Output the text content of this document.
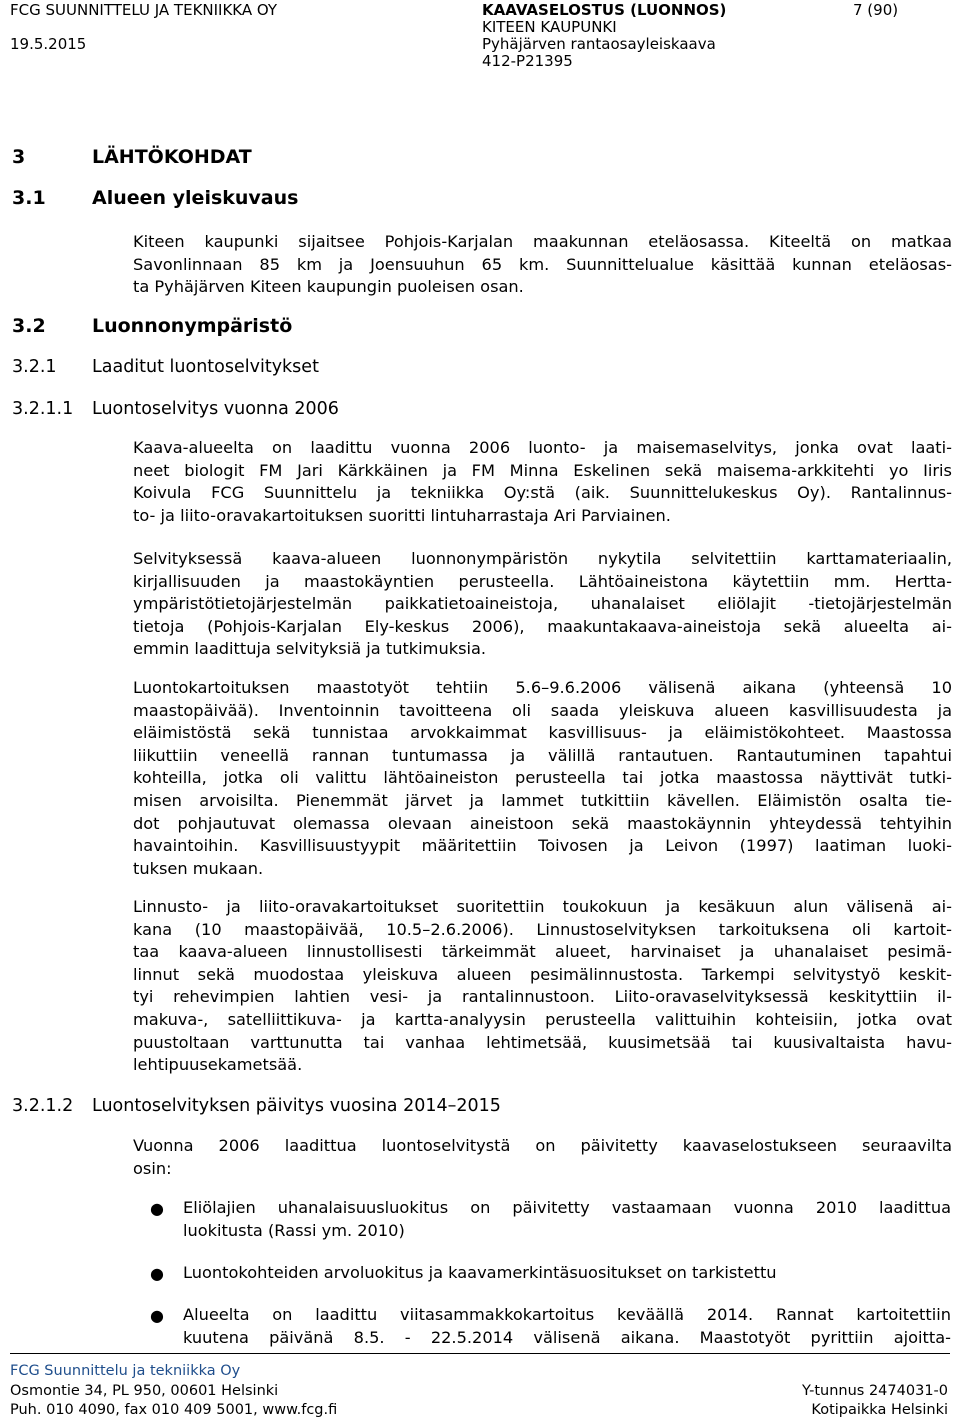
FCG SUUNNITTELU JA TEKNIIKKA OY
19.5.2015
KAAVASELOSTUS (LUONNOS)
KITEEN KAUPUNKI
Pyhäjärven rantaosayleiskaava
412-P21395
7 (90)
3	LÄHTÖKOHDAT
3.1 Alueen yleiskuvaus
Kiteen kaupunki sijaitsee Pohjois-Karjalan maakunnan eteläosassa. Kiteeltä on matkaa
Savonlinnaan 85 km ja Joensuuhun 65 km. Suunnittelualue käsittää kunnan eteläosas-
ta Pyhäjärven Kiteen kaupungin puoleisen osan.
3.2 Luonnonympäristö
3.2.1 Laaditut luontoselvitykset
3.2.1.1 Luontoselvitys vuonna 2006
Kaava-alueelta on laadittu vuonna 2006 luonto- ja maisemaselvitys, jonka ovat laati-
neet biologit FM Jari Kärkkäinen ja FM Minna Eskelinen sekä maisema-arkkitehti yo Iiris
Koivula FCG Suunnittelu ja tekniikka Oy:stä (aik. Suunnittelukeskus Oy). Rantalinnus-
to- ja liito-oravakartoituksen suoritti lintuharrastaja Ari Parviainen.
Selvityksessä kaava-alueen luonnonympäristön nykytila selvitettiin karttamateriaalin,
kirjallisuuden ja maastokäyntien perusteella. Lähtöaineistona käytettiin mm. Hertta-
ympäristötietojärjestelmän paikkatietoaineistoja, uhanalaiset eliölajit -tietojärjestelmän
tietoja (Pohjois-Karjalan Ely-keskus 2006), maakuntakaava-aineistoja sekä alueelta ai-
emmin laadittuja selvityksiä ja tutkimuksia.
Luontokartoituksen maastotyöt tehtiin 5.6–9.6.2006 välisenä aikana (yhteensä 10
maastopäivää). Inventoinnin tavoitteena oli saada yleiskuva alueen kasvillisuudesta ja
eläimistöstä sekä tunnistaa arvokkaimmat kasvillisuus- ja eläimistökohteet. Maastossa
liikuttiin veneellä rannan tuntumassa ja välillä rantautuen. Rantautuminen tapahtui
kohteilla, jotka oli valittu lähtöaineiston perusteella tai jotka maastossa näyttivät tutki-
misen arvoisilta. Pienemmät järvet ja lammet tutkittiin kävellen. Eläimistön osalta tie-
dot pohjautuvat olemassa olevaan aineistoon sekä maastokäynnin yhteydessä tehtyihin
havaintoihin. Kasvillisuustyypit määritettiin Toivosen ja Leivon (1997) laatiman luoki-
tuksen mukaan.
Linnusto- ja liito-oravakartoitukset suoritettiin toukokuun ja kesäkuun alun välisenä ai-
kana (10 maastopäivää, 10.5–2.6.2006). Linnustoselvityksen tarkoituksena oli kartoit-
taa kaava-alueen linnustollisesti tärkeimmät alueet, harvinaiset ja uhanalaiset pesimä-
linnut sekä muodostaa yleiskuva alueen pesimälinnustosta. Tarkempi selvitystyö keskit-
tyi rehevimpien lahtien vesi- ja rantalinnustoon. Liito-oravaselvityksessä keskityttiin il-
makuva-, satelliittikuva- ja kartta-analyysin perusteella valittuihin kohteisiin, jotka ovat
puustoltaan varttunutta tai vanhaa lehtimetsää, kuusimetsää tai kuusivaltaista havu-
lehtipuusekametsää.
3.2.1.2 Luontoselvityksen päivitys vuosina 2014–2015
Vuonna 2006 laadittua luontoselvitystä on päivitetty kaavaselostukseen seuraavilta
osin:
● Eliölajien uhanalaisuusluokitus on päivitetty vastaamaan vuonna 2010 laadittua
luokitusta (Rassi ym. 2010)
● Luontokohteiden arvoluokitus ja kaavamerkintäsuositukset on tarkistettu
● Alueelta on laadittu viitasammakkokartoitus keväällä 2014. Rannat kartoitettiin
kuutena päivänä 8.5. - 22.5.2014 välisenä aikana. Maastotyöt pyrittiin ajoitta-
FCG Suunnittelu ja tekniikka Oy
Osmontie 34, PL 950, 00601 Helsinki
Puh. 010 4090, fax 010 409 5001, www.fcg.fi
Y-tunnus 2474031-0
Kotipaikka Helsinki
